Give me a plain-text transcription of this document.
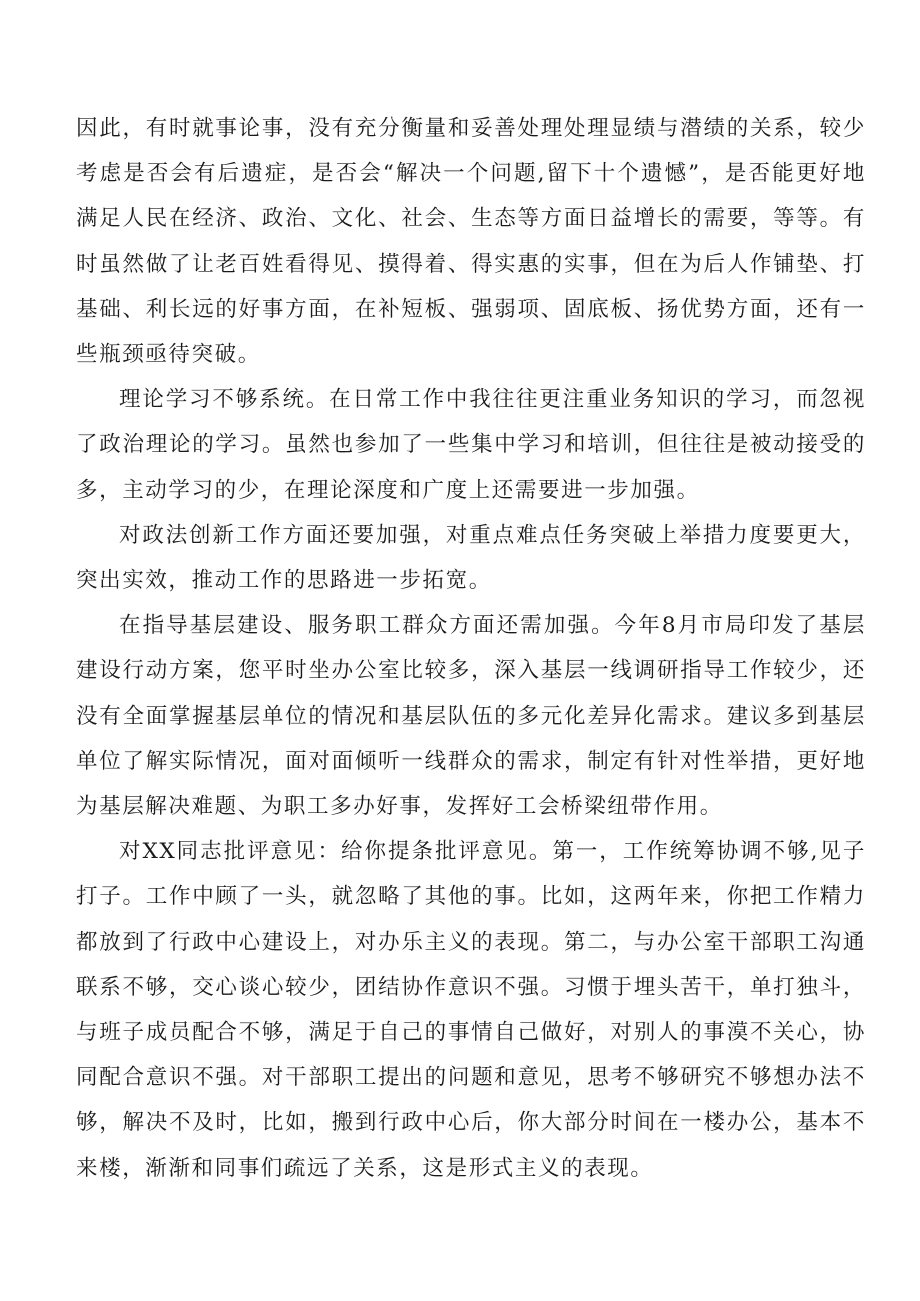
因此，有时就事论事，没有充分衡量和妥善处理处理显绩与潜绩的关系，较少考虑是否会有后遗症，是否会“解决一个问题,留下十个遗憾”，是否能更好地满足人民在经济、政治、文化、社会、生态等方面日益增长的需要，等等。有时虽然做了让老百姓看得见、摸得着、得实惠的实事，但在为后人作铺垫、打基础、利长远的好事方面，在补短板、强弱项、固底板、扬优势方面，还有一些瓶颈亟待突破。

理论学习不够系统。在日常工作中我往往更注重业务知识的学习，而忽视了政治理论的学习。虽然也参加了一些集中学习和培训，但往往是被动接受的多，主动学习的少，在理论深度和广度上还需要进一步加强。

对政法创新工作方面还要加强，对重点难点任务突破上举措力度要更大，突出实效，推动工作的思路进一步拓宽。

在指导基层建设、服务职工群众方面还需加强。今年8月市局印发了基层建设行动方案，您平时坐办公室比较多，深入基层一线调研指导工作较少，还没有全面掌握基层单位的情况和基层队伍的多元化差异化需求。建议多到基层单位了解实际情况，面对面倾听一线群众的需求，制定有针对性举措，更好地为基层解决难题、为职工多办好事，发挥好工会桥梁纽带作用。

对XX同志批评意见：给你提条批评意见。第一，工作统筹协调不够,见子打子。工作中顾了一头，就忽略了其他的事。比如，这两年来，你把工作精力都放到了行政中心建设上，对办乐主义的表现。第二，与办公室干部职工沟通联系不够，交心谈心较少，团结协作意识不强。习惯于埋头苦干，单打独斗，与班子成员配合不够，满足于自己的事情自己做好，对别人的事漠不关心，协同配合意识不强。对干部职工提出的问题和意见，思考不够研究不够想办法不够，解决不及时，比如，搬到行政中心后，你大部分时间在一楼办公，基本不来楼，渐渐和同事们疏远了关系，这是形式主义的表现。
